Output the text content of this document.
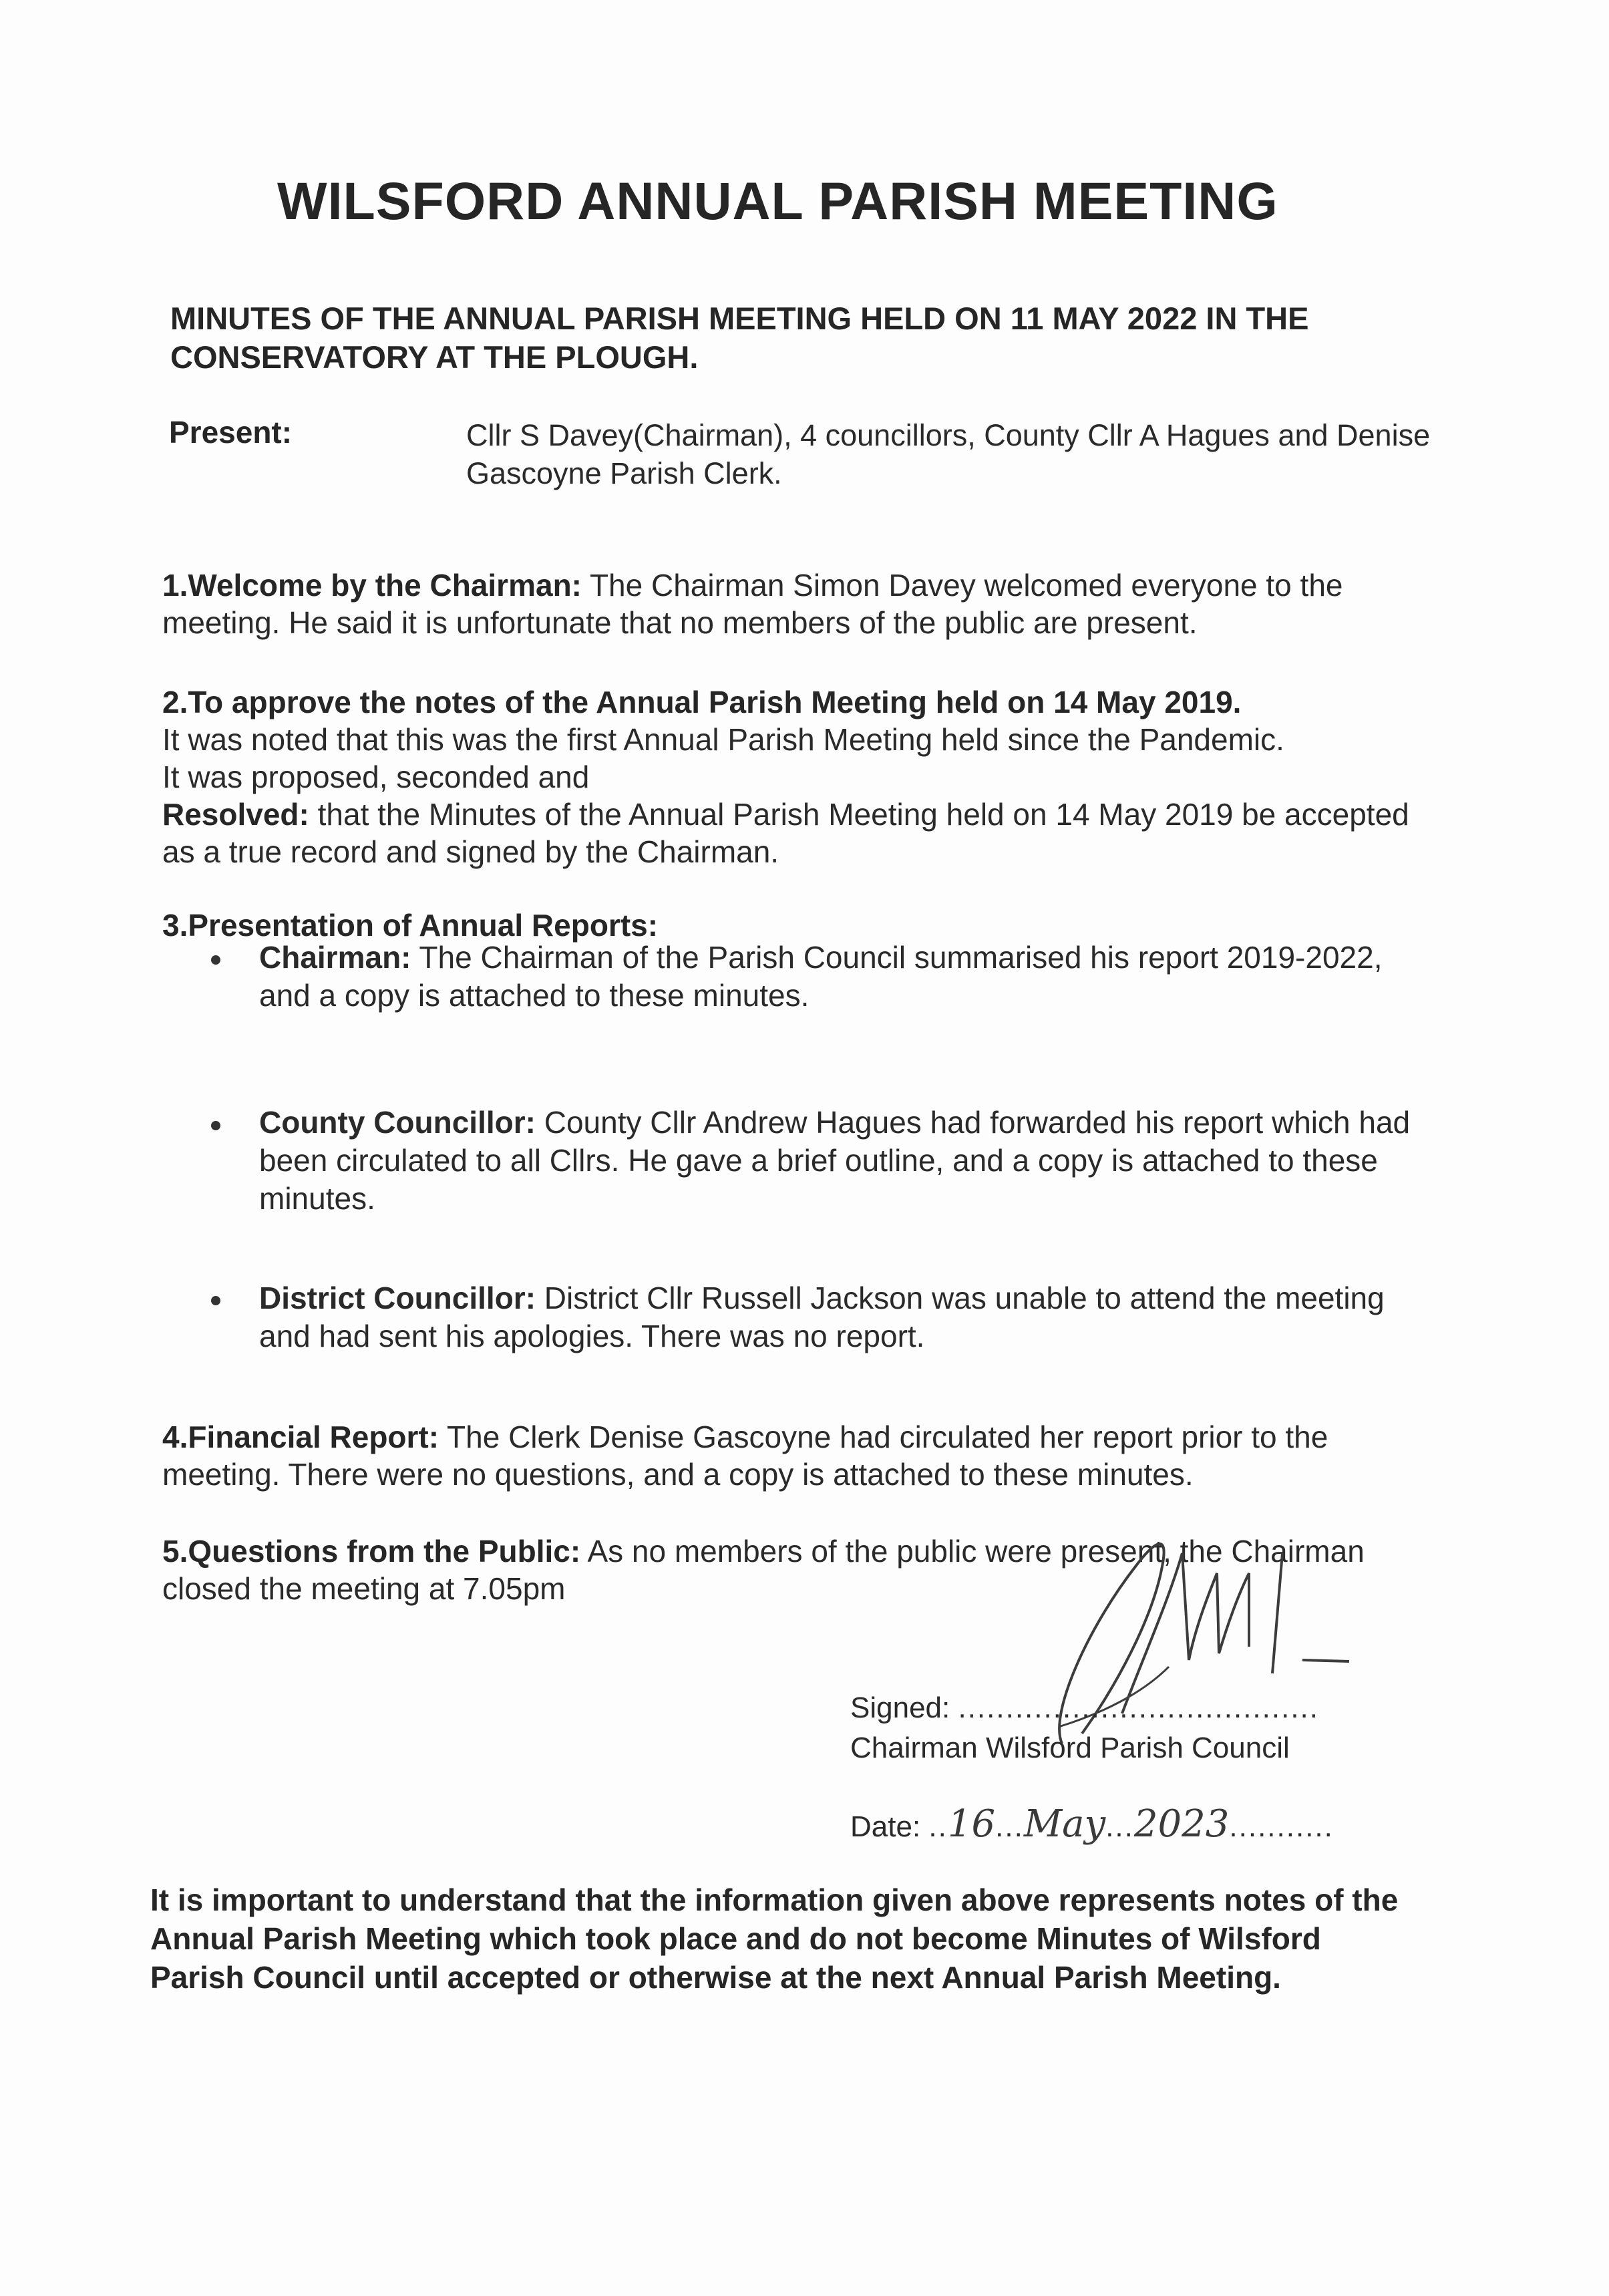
WILSFORD ANNUAL PARISH MEETING
MINUTES OF THE ANNUAL PARISH MEETING HELD ON 11 MAY 2022 IN THE CONSERVATORY AT THE PLOUGH.
Present:	Cllr S Davey(Chairman), 4 councillors, County Cllr A Hagues and Denise Gascoyne Parish Clerk.
1.Welcome by the Chairman: The Chairman Simon Davey welcomed everyone to the meeting. He said it is unfortunate that no members of the public are present.
2.To approve the notes of the Annual Parish Meeting held on 14 May 2019.
It was noted that this was the first Annual Parish Meeting held since the Pandemic.
It was proposed, seconded and
Resolved: that the Minutes of the Annual Parish Meeting held on 14 May 2019 be accepted as a true record and signed by the Chairman.
3.Presentation of Annual Reports:
Chairman: The Chairman of the Parish Council summarised his report 2019-2022, and a copy is attached to these minutes.
County Councillor: County Cllr Andrew Hagues had forwarded his report which had been circulated to all Cllrs. He gave a brief outline, and a copy is attached to these minutes.
District Councillor: District Cllr Russell Jackson was unable to attend the meeting and had sent his apologies. There was no report.
4.Financial Report: The Clerk Denise Gascoyne had circulated her report prior to the meeting. There were no questions, and a copy is attached to these minutes.
5.Questions from the Public: As no members of the public were present, the Chairman closed the meeting at 7.05pm
Signed: ......................................
Chairman Wilsford Parish Council
Date: ..16...May...2023...........
It is important to understand that the information given above represents notes of the Annual Parish Meeting which took place and do not become Minutes of Wilsford Parish Council until accepted or otherwise at the next Annual Parish Meeting.
